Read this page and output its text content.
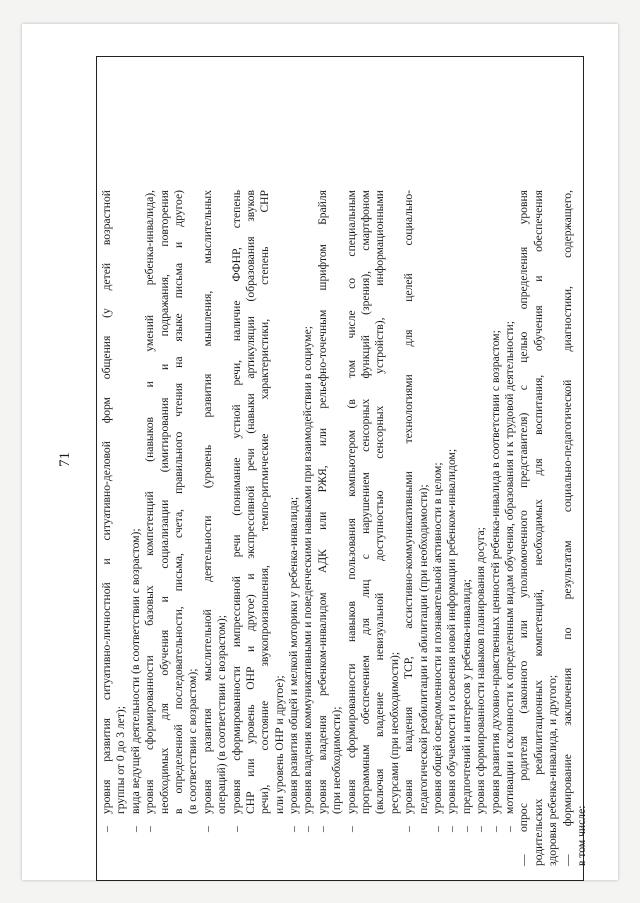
71
–
уровня развития ситуативно-личностной и ситуативно-деловой форм общения (у детей возрастной группы от 0 до 3 лет);
–
вида ведущей деятельности (в соответствии с возрастом);
–
уровня сформированности базовых компетенций (навыков и умений ребенка-инвалида), необходимых для обучения и социализации (имитирования и подражания, повторения в определенной последовательности, письма, счета, правильного чтения на языке письма и другое) (в соответствии с возрастом);
–
уровня развития мыслительной деятельности (уровень развития мышления, мыслительных операций) (в соответствии с возрастом);
–
уровня сформированности импрессивной речи (понимание устной речи, наличие ФФНР, степень СНР или уровень ОНР и другое) и экспрессивной речи (навыки артикуляции (образования звуков речи), состояние звукопроизношения, темпо-ритмические характеристики, степень СНР или уровень ОНР и другое);
–
уровня развития общей и мелкой моторики у ребенка-инвалида;
–
уровня владения коммуникативными и поведенческими навыками при взаимодействии в социуме;
–
уровня владения ребенком-инвалидом АДК или РЖЯ, или рельефно-точечным шрифтом Брайля (при необходимости);
–
уровня сформированности навыков пользования компьютером (в том числе со специальным программным обеспечением для лиц с нарушением сенсорных функций (зрения), смартфоном (включая владение невизуальной доступностью сенсорных устройств), информационными ресурсами (при необходимости);
–
уровня владения ТСР, ассистивно-коммуникативными технологиями для целей социально- педагогической реабилитации и абилитации (при необходимости);
–
уровня общей осведомленности и познавательной активности в целом;
–
уровня обучаемости и освоения новой информации ребенком-инвалидом;
–
предпочтений и интересов у ребенка-инвалида;
–
уровня сформированности навыков планирования досуга;
–
уровня развития духовно-нравственных ценностей ребенка-инвалида в соответствии с возрастом;
–
мотивации и склонности к определенным видам обучения, образования и к трудовой деятельности; — опрос родителя (законного или уполномоченного представителя) с целью определения уровня родительских реабилитационных компетенций, необходимых для воспитания, обучения и обеспечения здоровья ребенка-инвалида, и другого; — формирование заключения по результатам социально-педагогической диагностики, содержащего, в том числе:
